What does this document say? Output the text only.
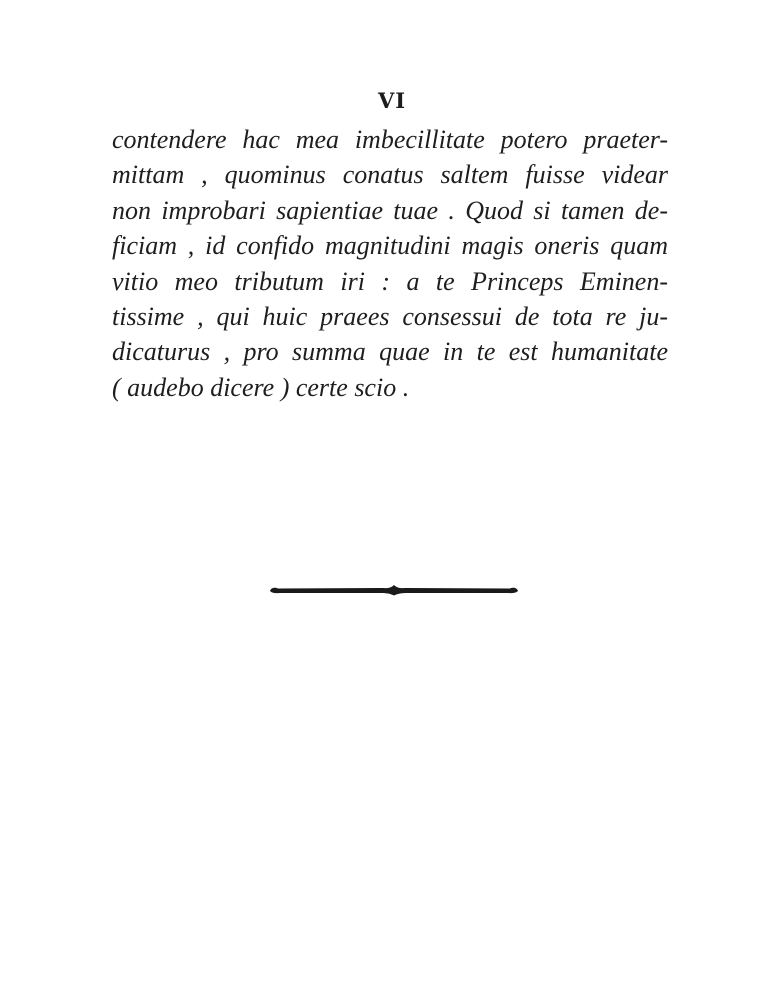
VI
contendere hac mea imbecillitate potero praeter-
mittam , quominus conatus saltem fuisse videar
non improbari sapientiae tuae . Quod si tamen de-
ficiam , id confido magnitudini magis oneris quam
vitio meo tributum iri : a te Princeps Eminen-
tissime , qui huic praees consessui de tota re ju-
dicaturus , pro summa quae in te est humanitate
( audebo dicere ) certe scio .
